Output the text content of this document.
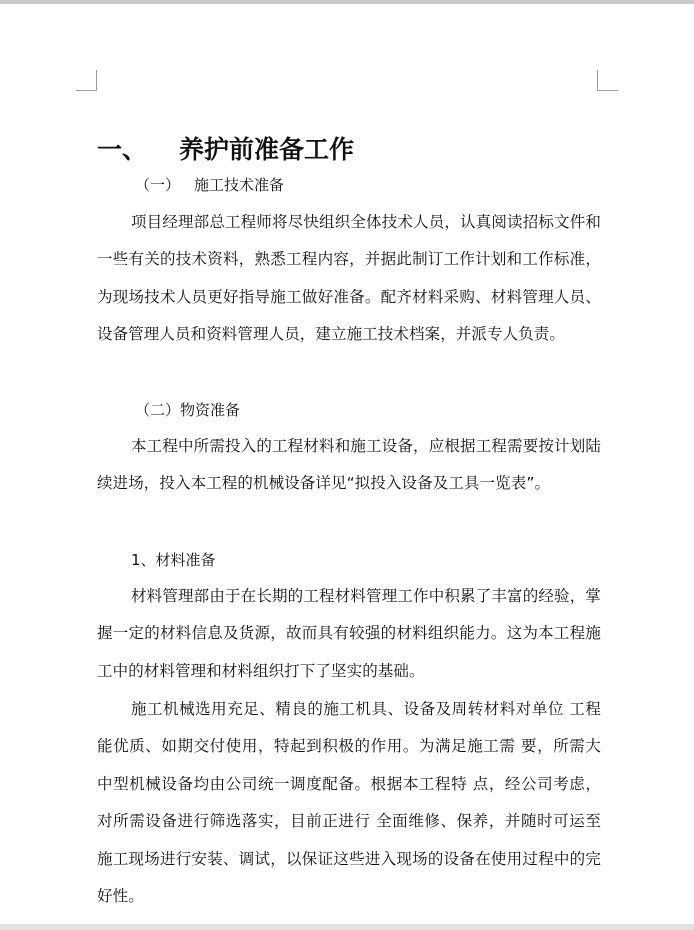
一、 养护前准备工作
（一） 施工技术准备
项目经理部总工程师将尽快组织全体技术人员，认真阅读招标文件和一些有关的技术资料，熟悉工程内容，并据此制订工作计划和工作标准，为现场技术人员更好指导施工做好准备。配齐材料采购、材料管理人员、设备管理人员和资料管理人员，建立施工技术档案，并派专人负责。
（二）物资准备
本工程中所需投入的工程材料和施工设备，应根据工程需要按计划陆续进场，投入本工程的机械设备详见“拟投入设备及工具一览表”。
1、材料准备
材料管理部由于在长期的工程材料管理工作中积累了丰富的经验，掌握一定的材料信息及货源，故而具有较强的材料组织能力。这为本工程施工中的材料管理和材料组织打下了坚实的基础。
施工机械选用充足、精良的施工机具、设备及周转材料对单位 工程能优质、如期交付使用，特起到积极的作用。为满足施工需 要，所需大中型机械设备均由公司统一调度配备。根据本工程特 点，经公司考虑，对所需设备进行筛选落实，目前正进行 全面维修、保养，并随时可运至施工现场进行安装、调试，以保证这些进入现场的设备在使用过程中的完好性。
